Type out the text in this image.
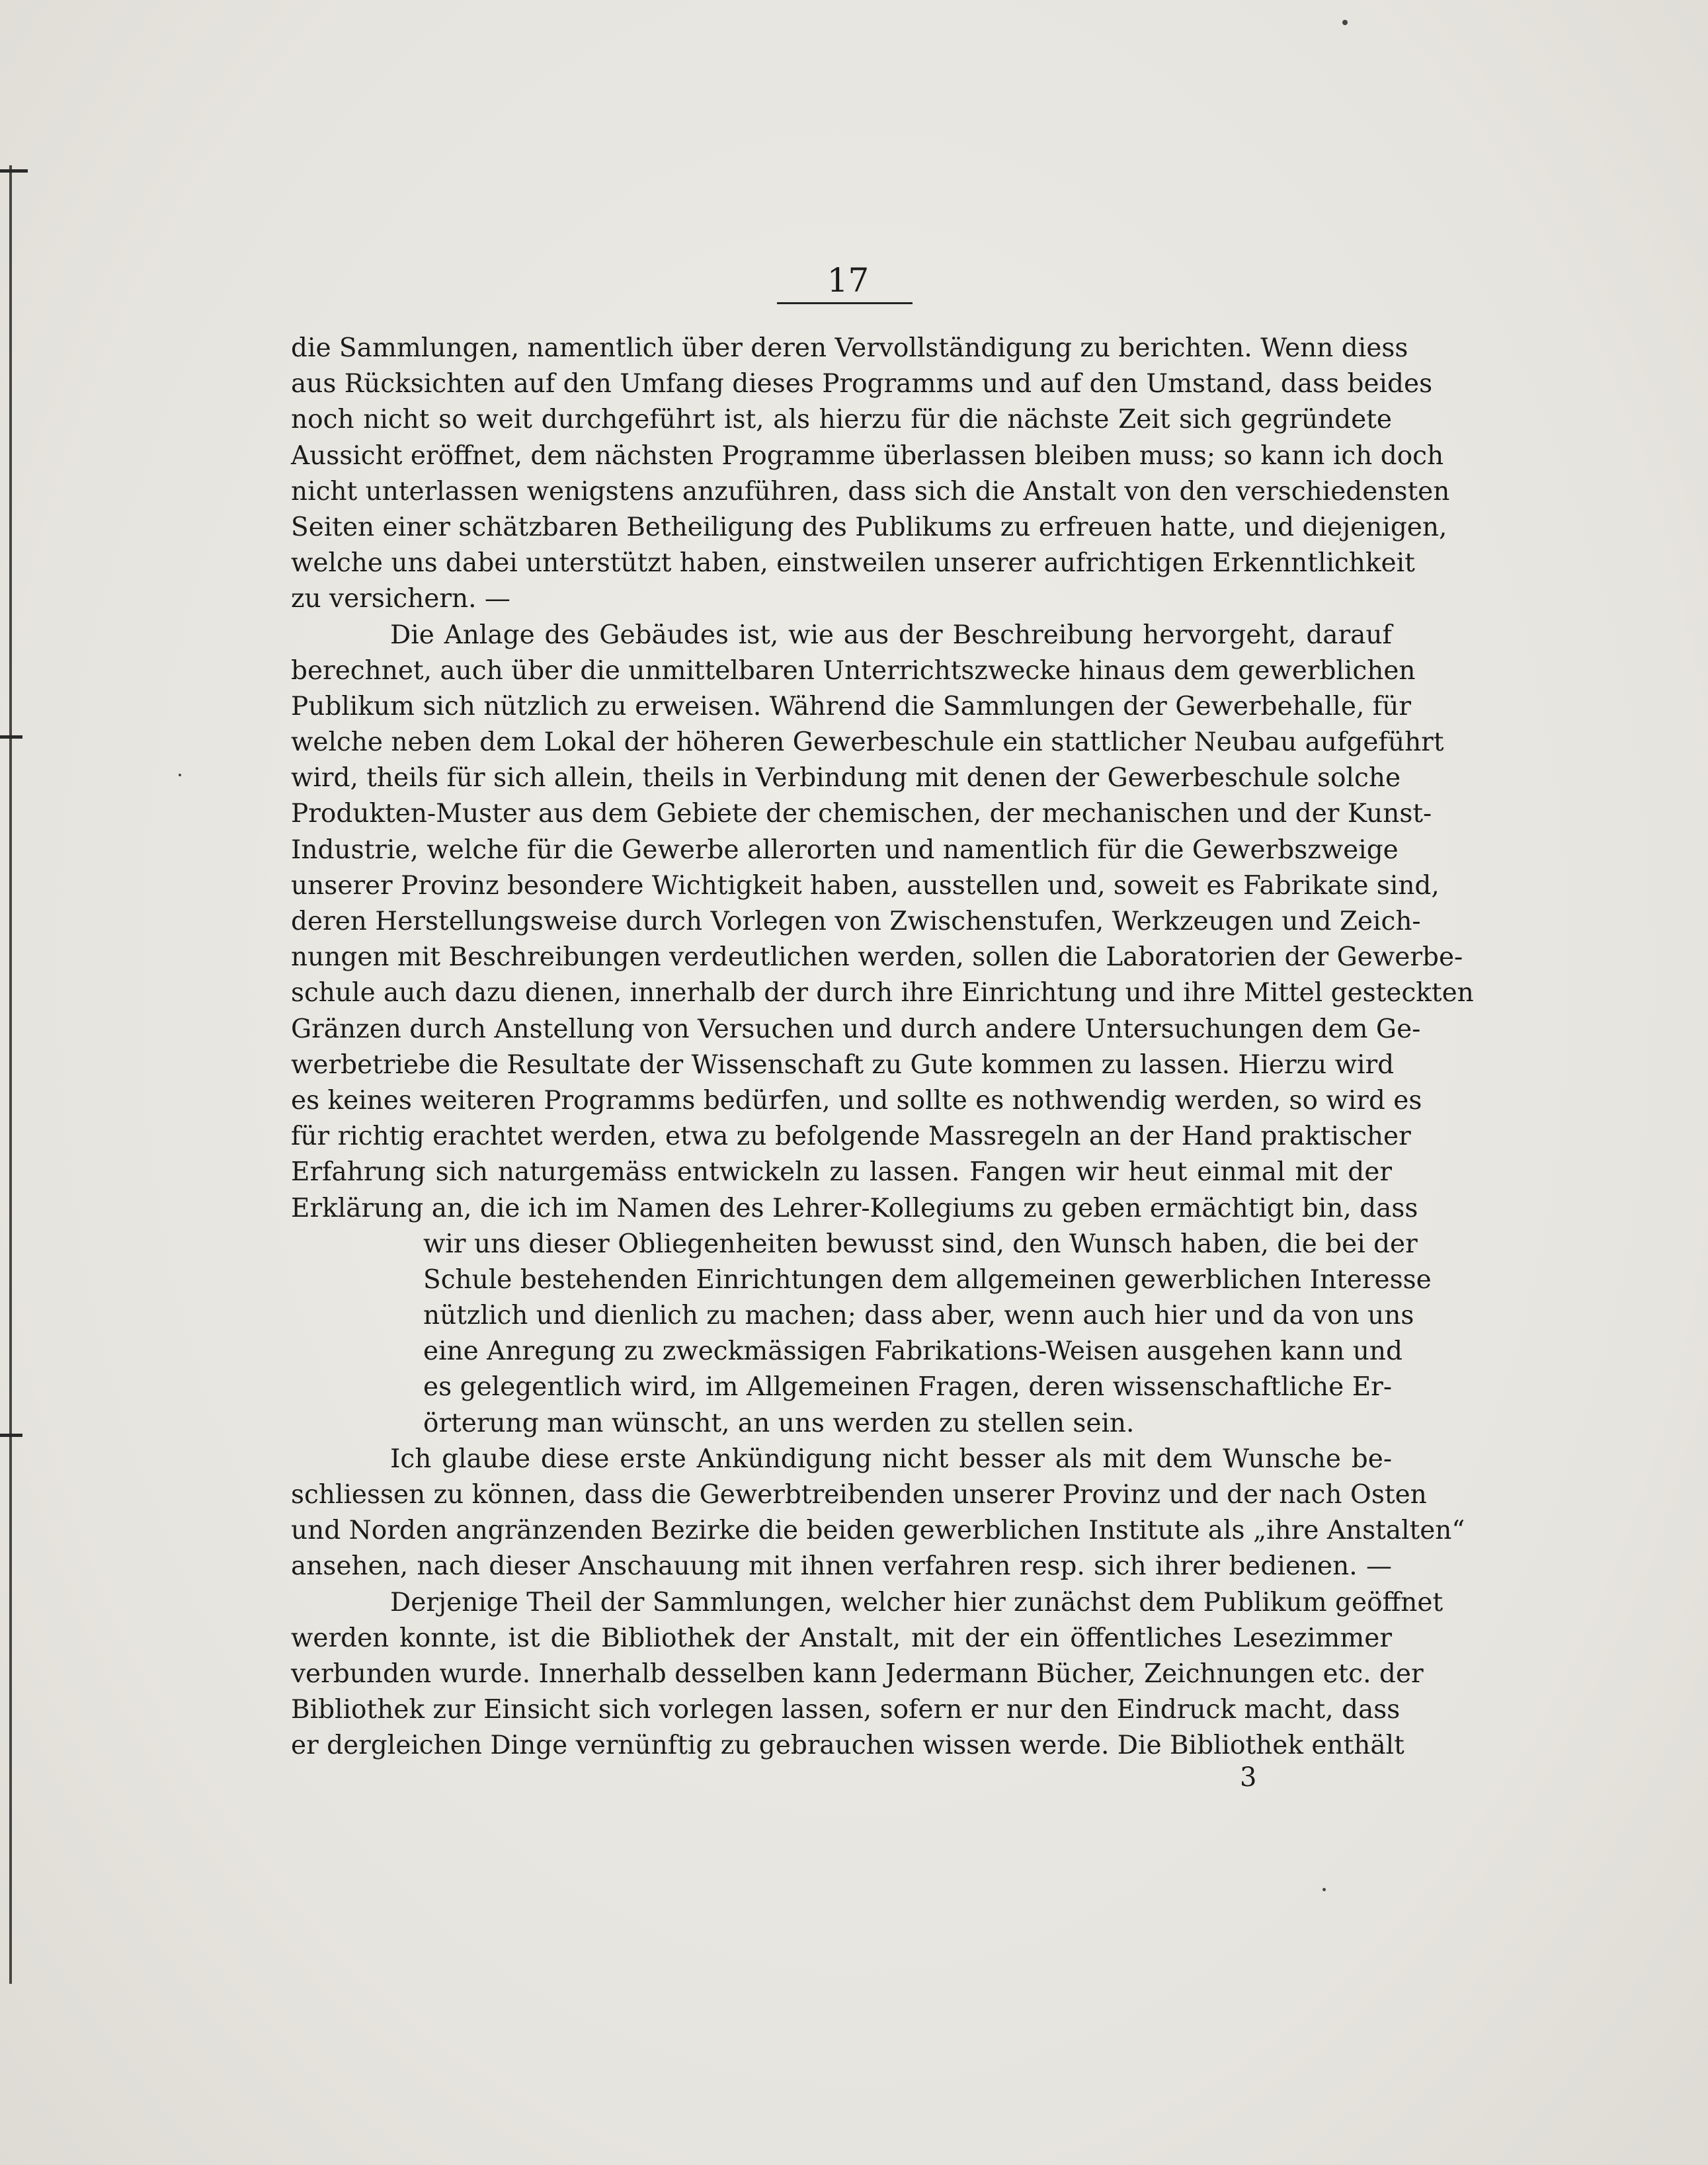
17
die Sammlungen, namentlich über deren Vervollständigung zu berichten. Wenn diess
aus Rücksichten auf den Umfang dieses Programms und auf den Umstand, dass beides
noch nicht so weit durchgeführt ist, als hierzu für die nächste Zeit sich gegründete
Aussicht eröffnet, dem nächsten Programme überlassen bleiben muss; so kann ich doch
nicht unterlassen wenigstens anzuführen, dass sich die Anstalt von den verschiedensten
Seiten einer schätzbaren Betheiligung des Publikums zu erfreuen hatte, und diejenigen,
welche uns dabei unterstützt haben, einstweilen unserer aufrichtigen Erkenntlichkeit
zu versichern. —
Die Anlage des Gebäudes ist, wie aus der Beschreibung hervorgeht, darauf
berechnet, auch über die unmittelbaren Unterrichtszwecke hinaus dem gewerblichen
Publikum sich nützlich zu erweisen. Während die Sammlungen der Gewerbehalle, für
welche neben dem Lokal der höheren Gewerbeschule ein stattlicher Neubau aufgeführt
wird, theils für sich allein, theils in Verbindung mit denen der Gewerbeschule solche
Produkten-Muster aus dem Gebiete der chemischen, der mechanischen und der Kunst-
Industrie, welche für die Gewerbe allerorten und namentlich für die Gewerbszweige
unserer Provinz besondere Wichtigkeit haben, ausstellen und, soweit es Fabrikate sind,
deren Herstellungsweise durch Vorlegen von Zwischenstufen, Werkzeugen und Zeich-
nungen mit Beschreibungen verdeutlichen werden, sollen die Laboratorien der Gewerbe-
schule auch dazu dienen, innerhalb der durch ihre Einrichtung und ihre Mittel gesteckten
Gränzen durch Anstellung von Versuchen und durch andere Untersuchungen dem Ge-
werbetriebe die Resultate der Wissenschaft zu Gute kommen zu lassen. Hierzu wird
es keines weiteren Programms bedürfen, und sollte es nothwendig werden, so wird es
für richtig erachtet werden, etwa zu befolgende Massregeln an der Hand praktischer
Erfahrung sich naturgemäss entwickeln zu lassen. Fangen wir heut einmal mit der
Erklärung an, die ich im Namen des Lehrer-Kollegiums zu geben ermächtigt bin, dass
wir uns dieser Obliegenheiten bewusst sind, den Wunsch haben, die bei der
Schule bestehenden Einrichtungen dem allgemeinen gewerblichen Interesse
nützlich und dienlich zu machen; dass aber, wenn auch hier und da von uns
eine Anregung zu zweckmässigen Fabrikations-Weisen ausgehen kann und
es gelegentlich wird, im Allgemeinen Fragen, deren wissenschaftliche Er-
örterung man wünscht, an uns werden zu stellen sein.
Ich glaube diese erste Ankündigung nicht besser als mit dem Wunsche be-
schliessen zu können, dass die Gewerbtreibenden unserer Provinz und der nach Osten
und Norden angränzenden Bezirke die beiden gewerblichen Institute als „ihre Anstalten“
ansehen, nach dieser Anschauung mit ihnen verfahren resp. sich ihrer bedienen. —
Derjenige Theil der Sammlungen, welcher hier zunächst dem Publikum geöffnet
werden konnte, ist die Bibliothek der Anstalt, mit der ein öffentliches Lesezimmer
verbunden wurde. Innerhalb desselben kann Jedermann Bücher, Zeichnungen etc. der
Bibliothek zur Einsicht sich vorlegen lassen, sofern er nur den Eindruck macht, dass
er dergleichen Dinge vernünftig zu gebrauchen wissen werde. Die Bibliothek enthält
3
